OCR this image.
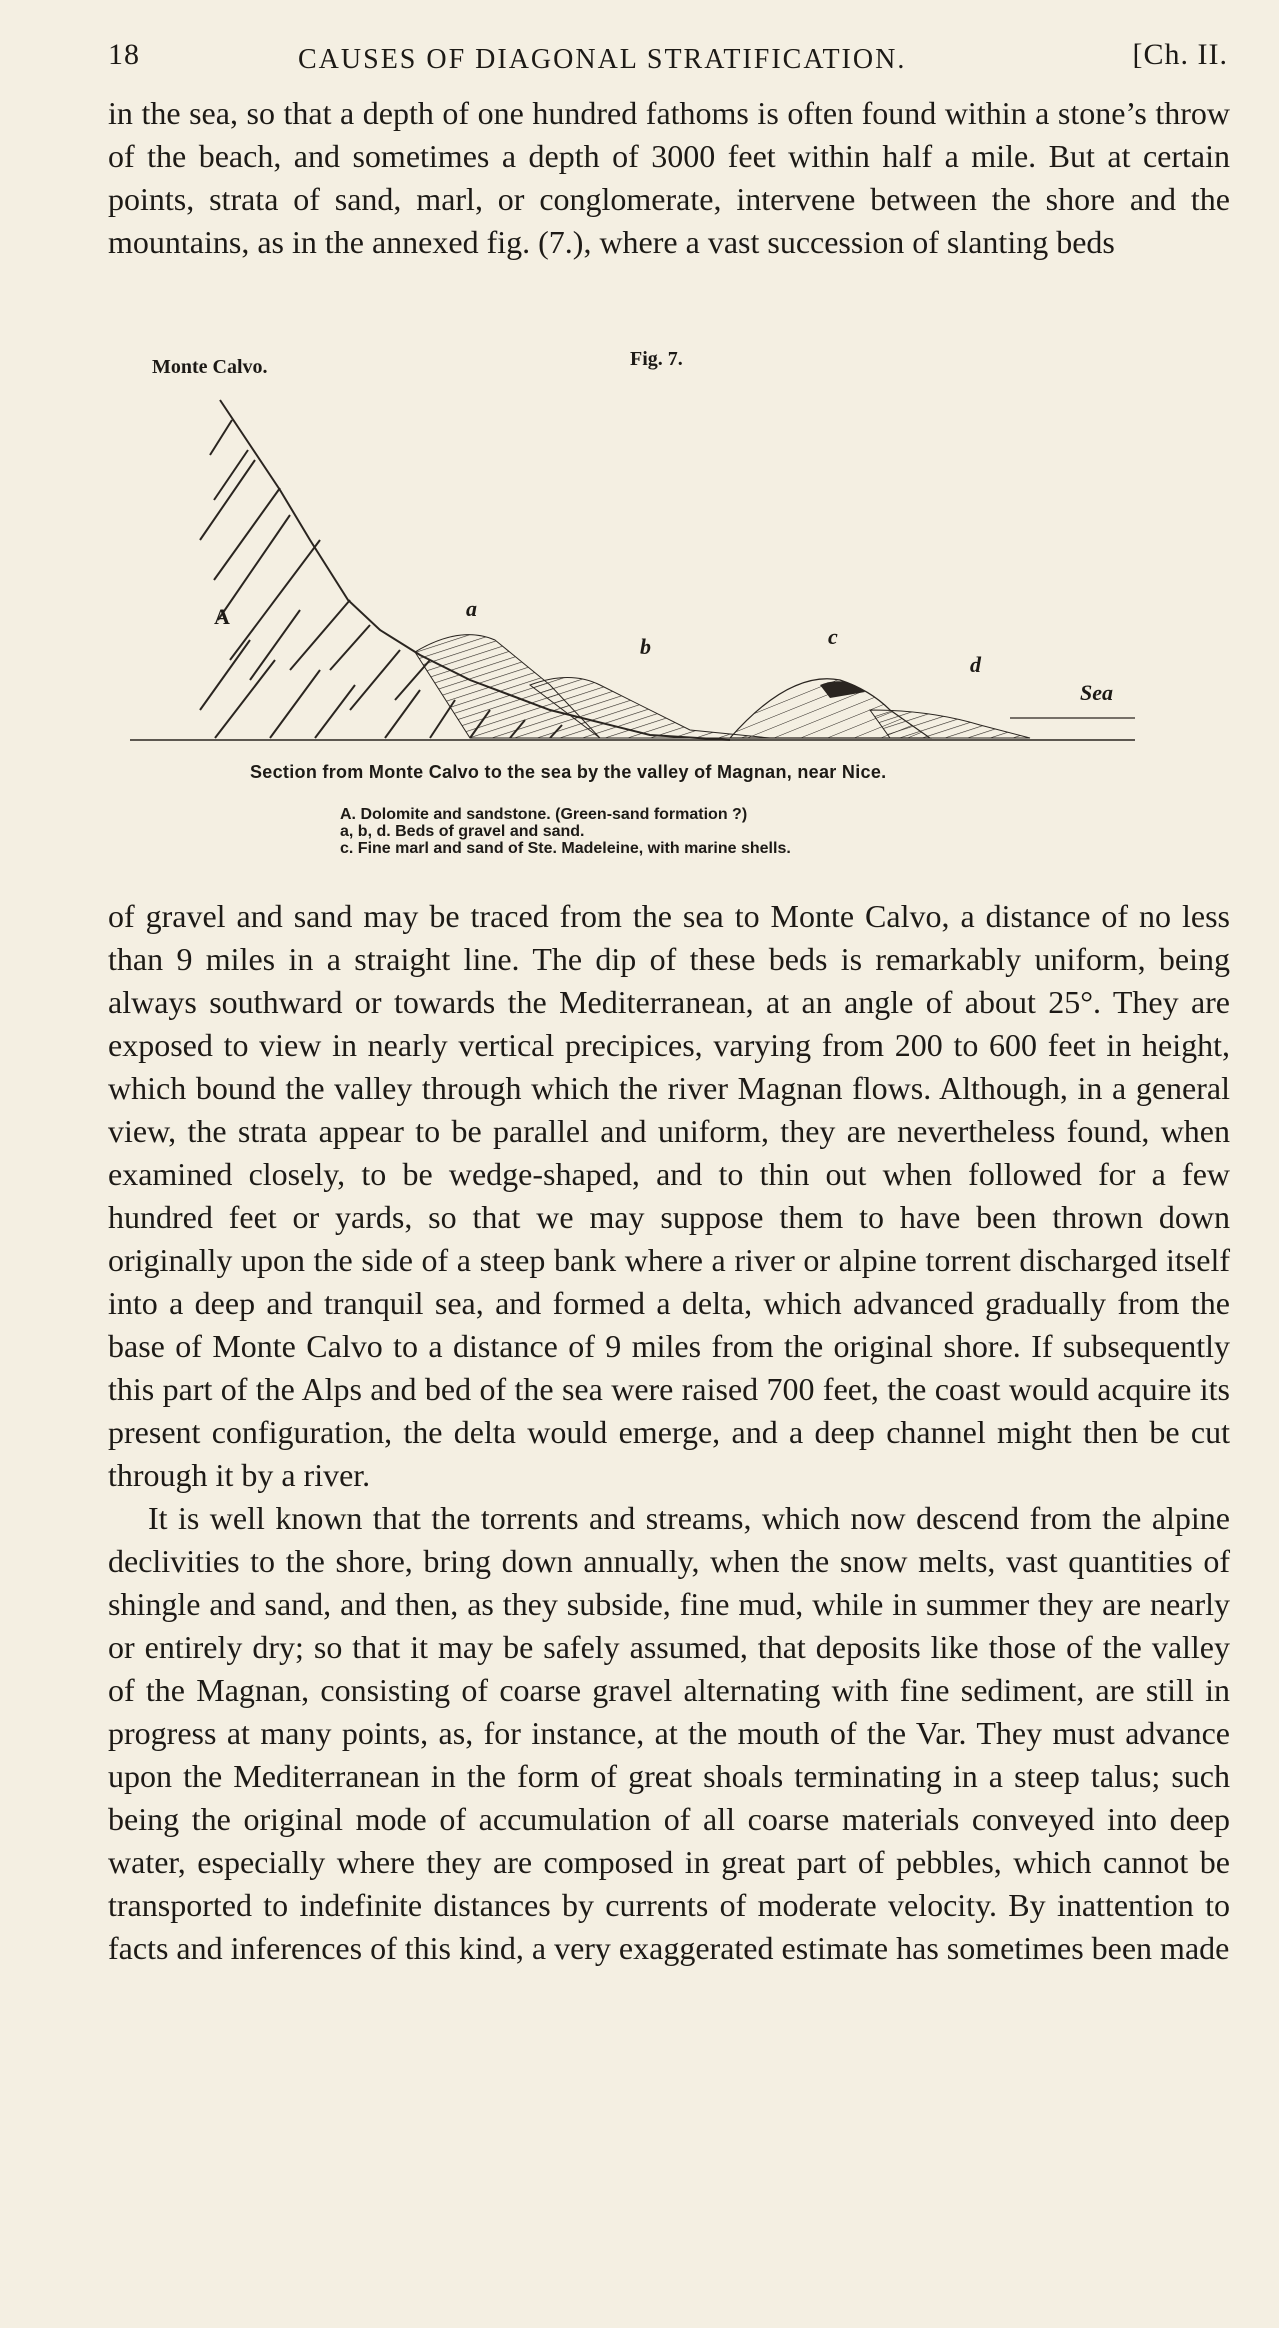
18	CAUSES OF DIAGONAL STRATIFICATION.	[Ch. II.

in the sea, so that a depth of one hundred fathoms is often found within a stone’s throw of the beach, and sometimes a depth of 3000 feet within half a mile. But at certain points, strata of sand, marl, or conglomerate, intervene between the shore and the mountains, as in the annexed fig. (7.), where a vast succession of slanting beds

Monte Calvo.	Fig. 7.
A	a
b	c
d
Sea
Section from Monte Calvo to the sea by the valley of Magnan, near Nice.
A. Dolomite and sandstone. (Green-sand formation ?)
a, b, d. Beds of gravel and sand.
c. Fine marl and sand of Ste. Madeleine, with marine shells.

of gravel and sand may be traced from the sea to Monte Calvo, a distance of no less than 9 miles in a straight line. The dip of these beds is remarkably uniform, being always southward or towards the Mediterranean, at an angle of about 25°. They are exposed to view in nearly vertical precipices, varying from 200 to 600 feet in height, which bound the valley through which the river Magnan flows. Although, in a general view, the strata appear to be parallel and uniform, they are nevertheless found, when examined closely, to be wedge-shaped, and to thin out when followed for a few hundred feet or yards, so that we may suppose them to have been thrown down originally upon the side of a steep bank where a river or alpine torrent discharged itself into a deep and tranquil sea, and formed a delta, which advanced gradually from the base of Monte Calvo to a distance of 9 miles from the original shore. If subsequently this part of the Alps and bed of the sea were raised 700 feet, the coast would acquire its present configuration, the delta would emerge, and a deep channel might then be cut through it by a river.

It is well known that the torrents and streams, which now descend from the alpine declivities to the shore, bring down annually, when the snow melts, vast quantities of shingle and sand, and then, as they subside, fine mud, while in summer they are nearly or entirely dry; so that it may be safely assumed, that deposits like those of the valley of the Magnan, consisting of coarse gravel alternating with fine sediment, are still in progress at many points, as, for instance, at the mouth of the Var. They must advance upon the Mediterranean in the form of great shoals terminating in a steep talus; such being the original mode of accumulation of all coarse materials conveyed into deep water, especially where they are composed in great part of pebbles, which cannot be transported to indefinite distances by currents of moderate velocity. By inattention to facts and inferences of this kind, a very exaggerated estimate has sometimes been made
